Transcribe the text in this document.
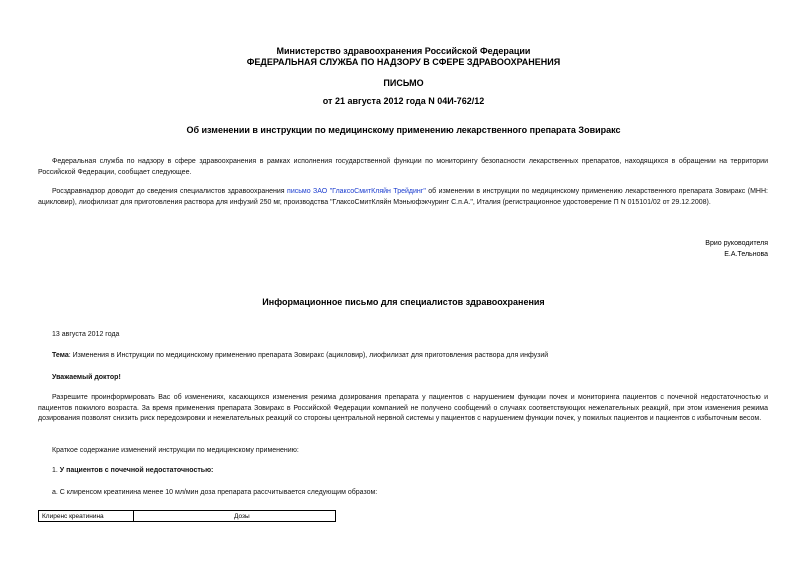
Министерство здравоохранения Российской Федерации
ФЕДЕРАЛЬНАЯ СЛУЖБА ПО НАДЗОРУ В СФЕРЕ ЗДРАВООХРАНЕНИЯ
ПИСЬМО
от 21 августа 2012 года N 04И-762/12
Об изменении в инструкции по медицинскому применению лекарственного препарата Зовиракс
Федеральная служба по надзору в сфере здравоохранения в рамках исполнения государственной функции по мониторингу безопасности лекарственных препаратов, находящихся в обращении на территории Российской Федерации, сообщает следующее.
Росздравнадзор доводит до сведения специалистов здравоохранения письмо ЗАО "ГлаксоСмитКляйн Трейдинг" об изменении в инструкции по медицинскому применению лекарственного препарата Зовиракс (МНН: ацикловир), лиофилизат для приготовления раствора для инфузий 250 мг, производства "ГлаксоСмитКляйн Мэньюфэкчуринг С.п.А.", Италия (регистрационное удостоверение П N 015101/02 от 29.12.2008).
Врио руководителя
Е.А.Тельнова
Информационное письмо для специалистов здравоохранения
13 августа 2012 года
Тема: Изменения в Инструкции по медицинскому применению препарата Зовиракс (ацикловир), лиофилизат для приготовления раствора для инфузий
Уважаемый доктор!
Разрешите проинформировать Вас об изменениях, касающихся изменения режима дозирования препарата у пациентов с нарушением функции почек и мониторинга пациентов с почечной недостаточностью и пациентов пожилого возраста. За время применения препарата Зовиракс в Российской Федерации компанией не получено сообщений о случаях соответствующих нежелательных реакций, при этом изменения режима дозирования позволят снизить риск передозировки и нежелательных реакций со стороны центральной нервной системы у пациентов с нарушением функции почек, у пожилых пациентов и пациентов с избыточным весом.
Краткое содержание изменений инструкции по медицинскому применению:
1. У пациентов с почечной недостаточностью:
а. С клиренсом креатинина менее 10 мл/мин доза препарата рассчитывается следующим образом:
Клиренс креатинина	Дозы
